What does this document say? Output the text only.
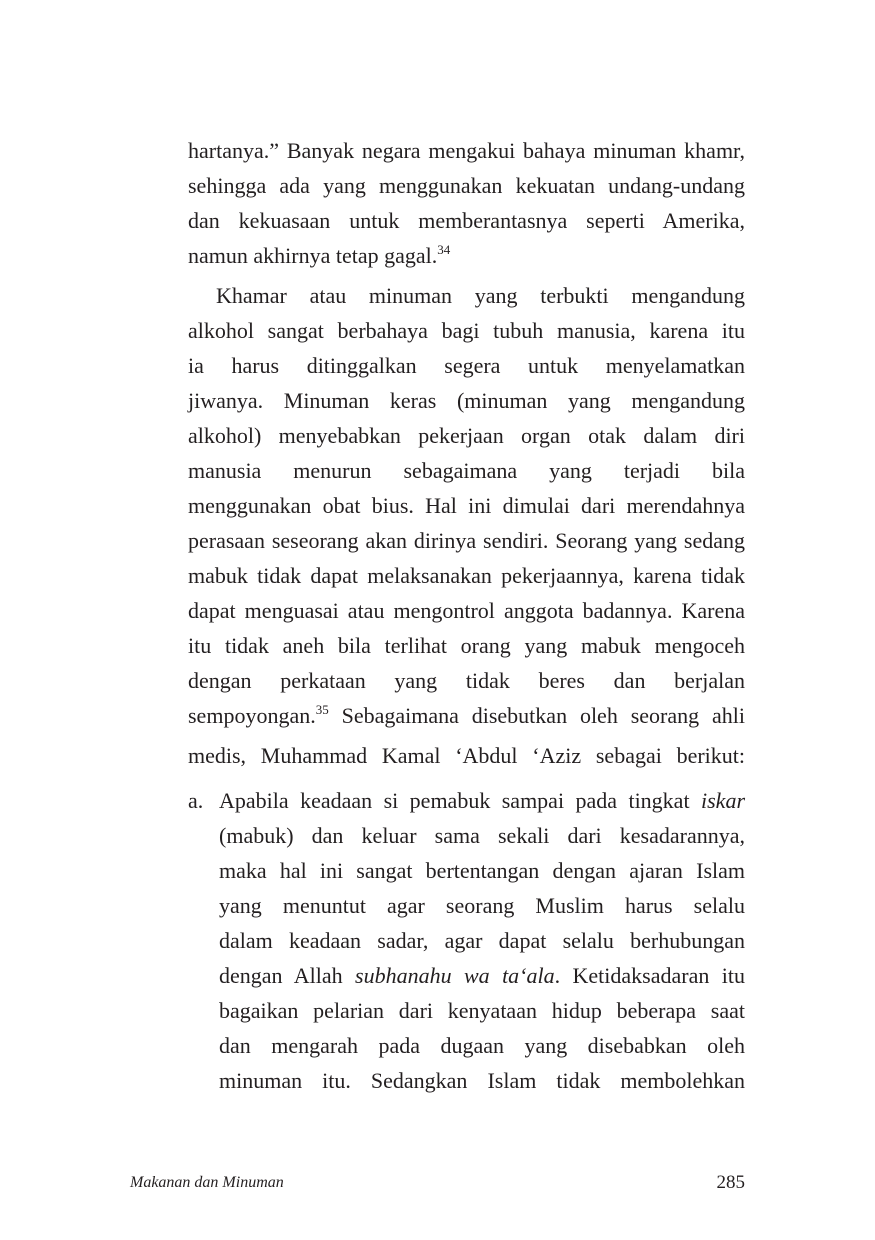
hartanya.” Banyak negara mengakui bahaya minuman khamr,
sehingga ada yang menggunakan kekuatan undang-undang
dan kekuasaan untuk memberantasnya seperti Amerika,
namun akhirnya tetap gagal.$^{34}$
Khamar atau minuman yang terbukti mengandung
alkohol sangat berbahaya bagi tubuh manusia, karena itu
ia harus ditinggalkan segera untuk menyelamatkan
jiwanya. Minuman keras (minuman yang mengandung
alkohol) menyebabkan pekerjaan organ otak dalam diri
manusia menurun sebagaimana yang terjadi bila
menggunakan obat bius. Hal ini dimulai dari merendahnya
perasaan seseorang akan dirinya sendiri. Seorang yang sedang
mabuk tidak dapat melaksanakan pekerjaannya, karena tidak
dapat menguasai atau mengontrol anggota badannya. Karena
itu tidak aneh bila terlihat orang yang mabuk mengoceh
dengan perkataan yang tidak beres dan berjalan
sempoyongan.$^{35}$ Sebagaimana disebutkan oleh seorang ahli
medis, Muhammad Kamal ‘Abdul ‘Aziz sebagai berikut:
a. Apabila keadaan si pemabuk sampai pada tingkat iskar
(mabuk) dan keluar sama sekali dari kesadarannya,
maka hal ini sangat bertentangan dengan ajaran Islam
yang menuntut agar seorang Muslim harus selalu
dalam keadaan sadar, agar dapat selalu berhubungan
dengan Allah subhanahu wa ta‘ala. Ketidaksadaran itu
bagaikan pelarian dari kenyataan hidup beberapa saat
dan mengarah pada dugaan yang disebabkan oleh
minuman itu. Sedangkan Islam tidak membolehkan
Makanan dan Minuman	285
